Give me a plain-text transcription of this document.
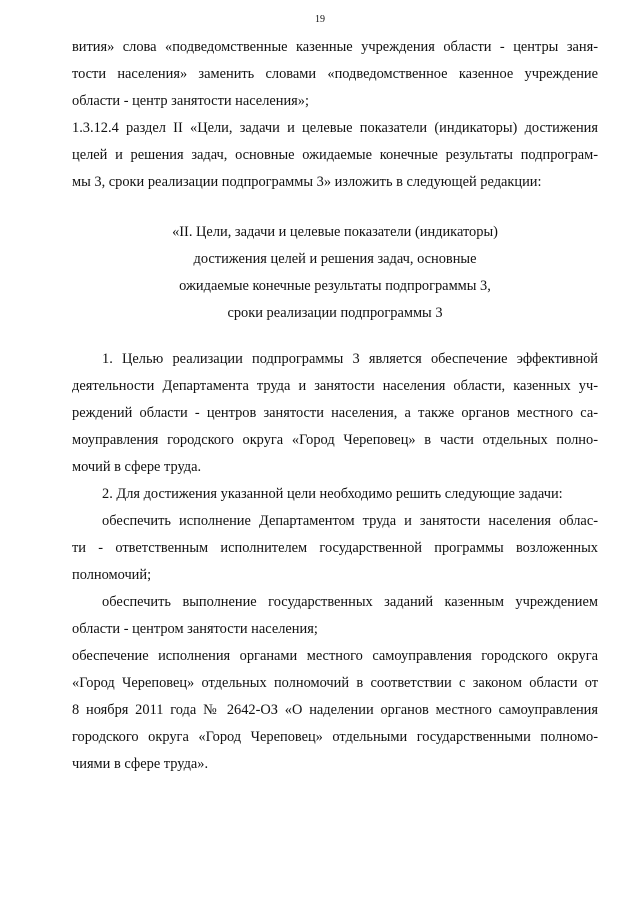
19
вития» слова «подведомственные казенные учреждения области - центры заня-
тости населения» заменить словами «подведомственное казенное учреждение
области - центр занятости населения»;
1.3.12.4 раздел II «Цели, задачи и целевые показатели (индикаторы) достижения
целей и решения задач, основные ожидаемые конечные результаты подпрограм-
мы 3, сроки реализации подпрограммы 3» изложить в следующей редакции:
«II. Цели, задачи и целевые показатели (индикаторы)
достижения целей и решения задач, основные
ожидаемые конечные результаты подпрограммы 3,
сроки реализации подпрограммы 3
1. Целью реализации подпрограммы 3 является обеспечение эффективной
деятельности Департамента труда и занятости населения области, казенных уч-
реждений области - центров занятости населения, а также органов местного са-
моуправления городского округа «Город Череповец» в части отдельных полно-
мочий в сфере труда.
2. Для достижения указанной цели необходимо решить следующие задачи:
обеспечить исполнение Департаментом труда и занятости населения облас-
ти - ответственным исполнителем государственной программы возложенных
полномочий;
обеспечить выполнение государственных заданий казенным учреждением
области - центром занятости населения;
обеспечение исполнения органами местного самоуправления городского округа
«Город Череповец» отдельных полномочий в соответствии с законом области от
8 ноября 2011 года № 2642-ОЗ «О наделении органов местного самоуправления
городского округа «Город Череповец» отдельными государственными полномо-
чиями в сфере труда».
